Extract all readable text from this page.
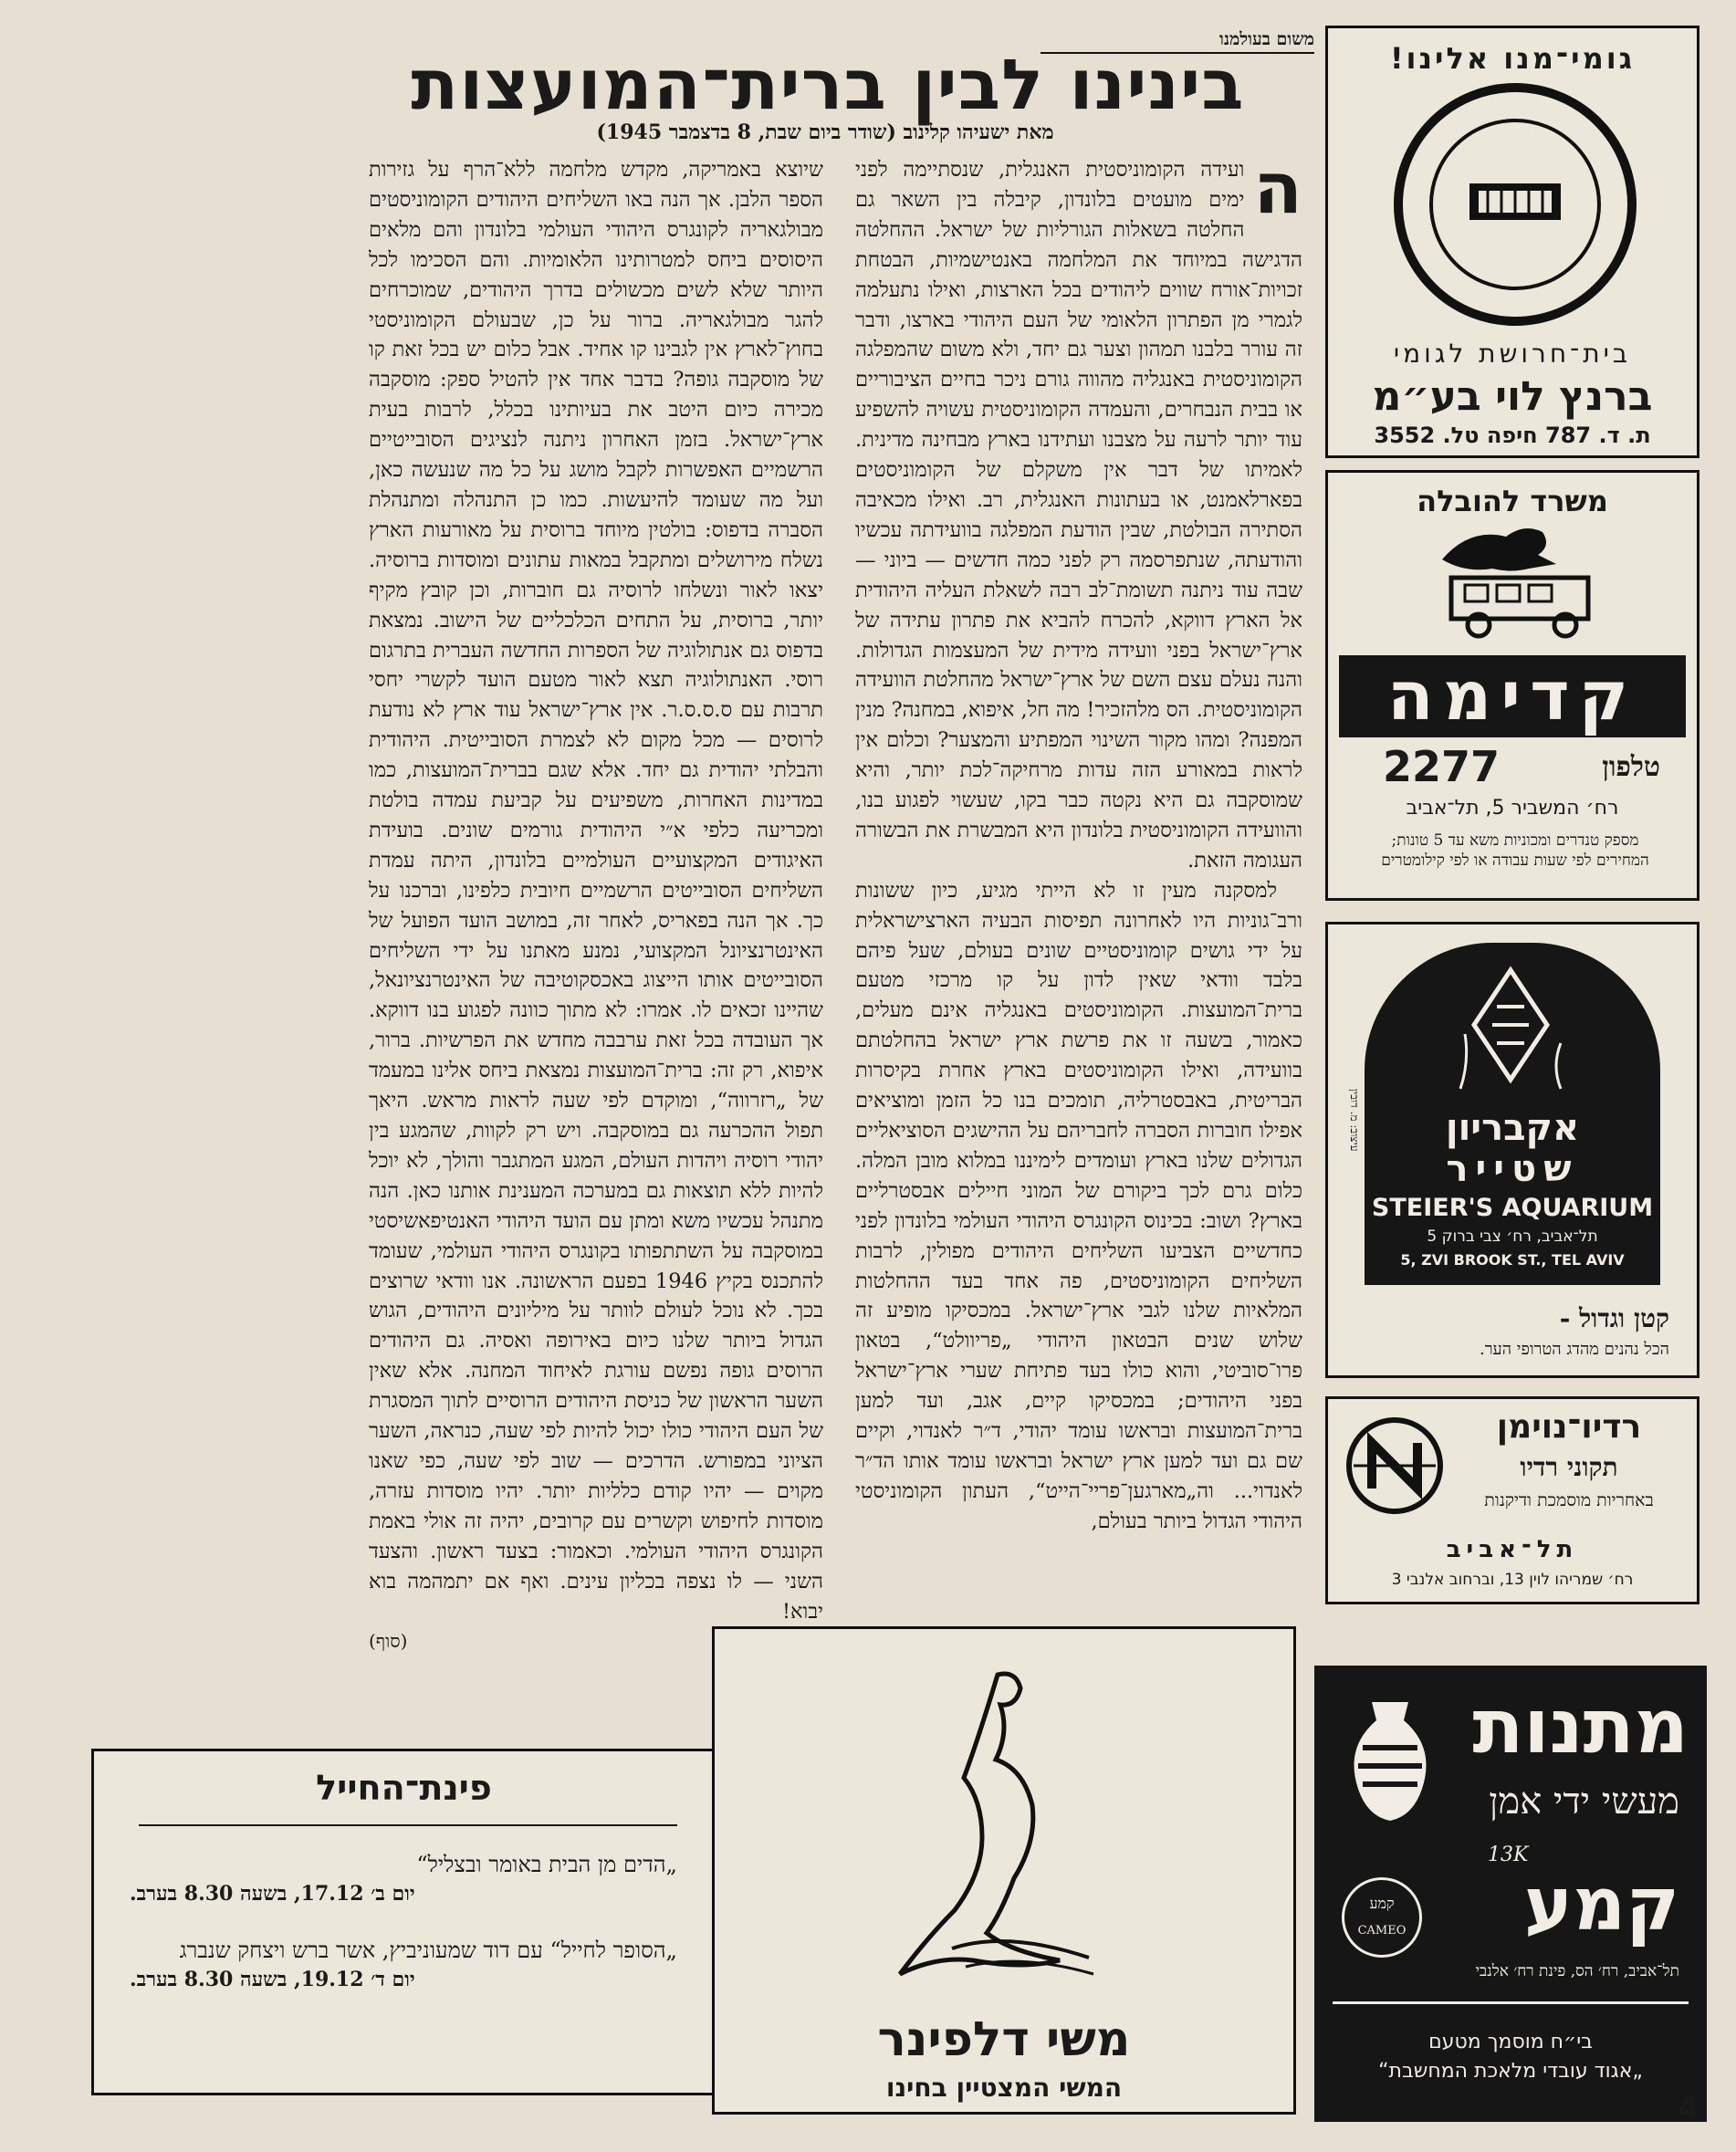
משום בעולמנו
בינינו לבין ברית־המועצות
מאת ישעיהו קלינוב (שודר ביום שבת, 8 בדצמבר 1945)

ה
ועידה הקומוניסטית האנגלית, שנסתיימה לפני ימים מועטים בלונדון, קיבלה בין השאר גם החלטה בשאלות הגורליות של ישראל. ההחלטה הדגישה במיוחד את המלחמה באנטישמיות, הבטחת זכויות־אורח שווים ליהודים בכל הארצות, ואילו נתעלמה לגמרי מן הפתרון הלאומי של העם היהודי בארצו, ודבר זה עורר בלבנו תמהון וצער גם יחד, ולא משום שהמפלגה הקומוניסטית באנגליה מהווה גורם ניכר בחיים הציבוריים או בבית הנבחרים, והעמדה הקומוניסטית עשויה להשפיע עוד יותר לרעה על מצבנו ועתידנו בארץ מבחינה מדינית. לאמיתו של דבר אין משקלם של הקומוניסטים בפארלאמנט, או בעתונות האנגלית, רב. ואילו מכאיבה הסתירה הבולטת, שבין הודעת המפלגה בוועידתה עכשיו והודעתה, שנתפרסמה רק לפני כמה חדשים — ביוני — שבה עוד ניתנה תשומת־לב רבה לשאלת העליה היהודית אל הארץ דווקא, להכרח להביא את פתרון עתידה של ארץ־ישראל בפני וועידה מידית של המעצמות הגדולות. והנה נעלם עצם השם של ארץ־ישראל מהחלטת הוועידה הקומוניסטית. הס מלהזכיר! מה חל, איפוא, במחנה? מנין המפנה? ומהו מקור השינוי המפתיע והמצער? וכלום אין לראות במאורע הזה עדות מרחיקה־לכת יותר, והיא שמוסקבה גם היא נקטה כבר בקו, שעשוי לפגוע בנו, והוועידה הקומוניסטית בלונדון היא המבשרת את הבשורה העגומה הזאת.

למסקנה מעין זו לא הייתי מגיע, כיון ששונות ורב־גוניות היו לאחרונה תפיסות הבעיה הארצישראלית על ידי גושים קומוניסטיים שונים בעולם, שעל פיהם בלבד וודאי שאין לדון על קו מרכזי מטעם ברית־המועצות. הקומוניסטים באנגליה אינם מעלים, כאמור, בשעה זו את פרשת ארץ ישראל בהחלטתם בוועידה, ואילו הקומוניסטים בארץ אחרת בקיסרות הבריטית, באבסטרליה, תומכים בנו כל הזמן ומוציאים אפילו חוברות הסברה לחבריהם על ההישגים הסוציאליים הגדולים שלנו בארץ ועומדים לימיננו במלוא מובן המלה. כלום גרם לכך ביקורם של המוני חיילים אבסטרליים בארץ? ושוב: בכינוס הקונגרס היהודי העולמי בלונדון לפני כחדשיים הצביעו השליחים היהודים מפולין, לרבות השליחים הקומוניסטים, פה אחד בעד ההחלטות המלאיות שלנו לגבי ארץ־ישראל. במכסיקו מופיע זה שלוש שנים הבטאון היהודי „פריוולט“, בטאון פרו־סוביטי, והוא כולו בעד פתיחת שערי ארץ־ישראל בפני היהודים; במכסיקו קיים, אגב, ועד למען ברית־המועצות ובראשו עומד יהודי, ד״ר לאנדוי, וקיים שם גם ועד למען ארץ ישראל ובראשו עומד אותו הד״ר לאנדוי... וה„מארגען־פריי־הייט“, העתון הקומוניסטי היהודי הגדול ביותר בעולם,

שיוצא באמריקה, מקדש מלחמה ללא־הרף על גזירות הספר הלבן. אך הנה באו השליחים היהודים הקומוניסטים מבולגאריה לקונגרס היהודי העולמי בלונדון והם מלאים היסוסים ביחס למטרותינו הלאומיות. והם הסכימו לכל היותר שלא לשים מכשולים בדרך היהודים, שמוכרחים להגר מבולגאריה. ברור על כן, שבעולם הקומוניסטי בחוץ־לארץ אין לגבינו קו אחיד. אבל כלום יש בכל זאת קו של מוסקבה גופה? בדבר אחד אין להטיל ספק: מוסקבה מכירה כיום היטב את בעיותינו בכלל, לרבות בעית ארץ־ישראל. בזמן האחרון ניתנה לנציגים הסובייטיים הרשמיים האפשרות לקבל מושג על כל מה שנעשה כאן, ועל מה שעומד להיעשות. כמו כן התנהלה ומתנהלת הסברה בדפוס: בולטין מיוחד ברוסית על מאורעות הארץ נשלח מירושלים ומתקבל במאות עתונים ומוסדות ברוסיה. יצאו לאור ונשלחו לרוסיה גם חוברות, וכן קובץ מקיף יותר, ברוסית, על התחים הכלכליים של הישוב. נמצאת בדפוס גם אנתולוגיה של הספרות החדשה העברית בתרגום רוסי. האנתולוגיה תצא לאור מטעם הועד לקשרי יחסי תרבות עם ס.ס.ס.ר. אין ארץ־ישראל עוד ארץ לא נודעת לרוסים — מכל מקום לא לצמרת הסובייטית. היהודית והבלתי יהודית גם יחד. אלא שגם בברית־המועצות, כמו במדינות האחרות, משפיעים על קביעת עמדה בולטת ומכריעה כלפי א״י היהודית גורמים שונים. בועידת האיגודים המקצועיים העולמיים בלונדון, היתה עמדת השליחים הסובייטים הרשמיים חיובית כלפינו, וברכנו על כך. אך הנה בפאריס, לאחר זה, במושב הועד הפועל של האינטרנציונל המקצועי, נמנע מאתנו על ידי השליחים הסובייטים אותו הייצוג באכסקוטיבה של האינטרנציונאל, שהיינו זכאים לו. אמרו: לא מתוך כוונה לפגוע בנו דווקא. אך העובדה בכל זאת ערבבה מחדש את הפרשיות. ברור, איפוא, רק זה: ברית־המועצות נמצאת ביחס אלינו במעמד של „רזרווה“, ומוקדם לפי שעה לראות מראש. היאך תפול ההכרעה גם במוסקבה. ויש רק לקוות, שהמגע בין יהודי רוסיה ויהדות העולם, המגע המתגבר והולך, לא יוכל להיות ללא תוצאות גם במערכה המענינת אותנו כאן. הנה מתנהל עכשיו משא ומתן עם הועד היהודי האנטיפאשיסטי במוסקבה על השתתפותו בקונגרס היהודי העולמי, שעומד להתכנס בקיץ 1946 בפעם הראשונה. אנו וודאי שרוצים בכך. לא נוכל לעולם לוותר על מיליונים היהודים, הגוש הגדול ביותר שלנו כיום באירופה ואסיה. גם היהודים הרוסים גופה נפשם עורגת לאיחוד המחנה. אלא שאין השער הראשון של כניסת היהודים הרוסיים לתוך המסגרת של העם היהודי כולו יכול להיות לפי שעה, כנראה, השער הציוני במפורש. הדרכים — שוב לפי שעה, כפי שאנו מקוים — יהיו קודם כלליות יותר. יהיו מוסדות עזרה, מוסדות לחיפוש וקשרים עם קרובים, יהיה זה אולי באמת הקונגרס היהודי העולמי. וכאמור: בצעד ראשון. והצעד השני — לו נצפה בכליון עינים. ואף אם יתמהמה בוא יבוא!

(סוף)

פינת־החייל

„הדים מן הבית באומר ובצליל“

יום ב׳ 17.12, בשעה 8.30 בערב.

„הסופר לחייל“ עם דוד שמעוניביץ, אשר ברש ויצחק שנברג

יום ד׳ 19.12, בשעה 8.30 בערב.

משי דלפינר
המשי המצטיין בחינו
גומי־מנו אלינו!
בית־חרושת לגומי
ברנץ לוי בע״מ
ת. ד. 787 חיפה טל. 3552
משרד להובלה
קדימה
טלפון
2277
רח׳ המשביר 5, תל־אביב
מספק טנדרים ומכוניות משא עד 5 טונות; המחירים לפי שעות עבודה או לפי קילומטרים
אקבריון
שטייר
STEIER'S AQUARIUM
תל־אביב, רח׳ צבי ברוק 5
5, ZVI BROOK ST., TEL AVIV
קטן וגדול -
הכל נהנים מהדג הטרופי הער.
עיצוב: מ. דובין
רדיו־נוימן
תקוני רדיו
באחריות מוסמכת ודיקנות
תל־אביב
רח׳ שמריהו לוין 13, וברחוב אלנבי 3
מתנות
מעשי ידי אמן
13K
קמע
קמע
CAMEO
תל־אביב, רח׳ הס, פינת רח׳ אלנבי
בי״ח מוסמך מטעם
„אגוד עובדי מלאכת המחשבת“
4
